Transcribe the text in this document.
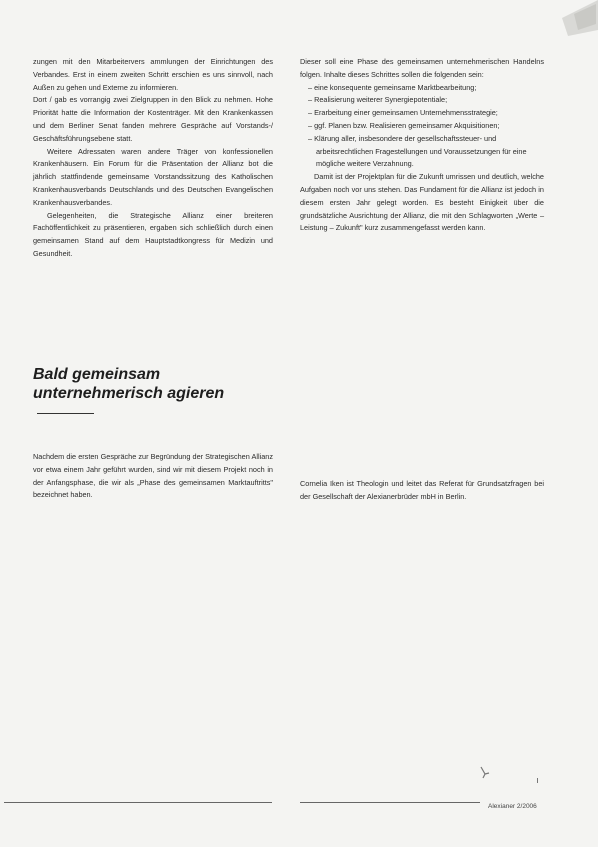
zungen mit den Mitarbeitervers ammlungen der Einrichtungen des Verbandes. Erst in einem zweiten Schritt erschien es uns sinnvoll, nach Außen zu gehen und Externe zu informieren.

Dort / gab es vorrangig zwei Zielgruppen in den Blick zu nehmen. Hohe Priorität hatte die Information der Kostenträger. Mit den Krankenkassen und dem Berliner Senat fanden mehrere Gespräche auf Vorstands-/ Geschäftsführungsebene statt.

Weitere Adressaten waren andere Träger von konfessionellen Krankenhäusern. Ein Forum für die Präsentation der Allianz bot die jährlich stattfindende gemeinsame Vorstandssitzung des Katholischen Krankenhausverbands Deutschlands und des Deutschen Evangelischen Krankenhausverbandes.

Gelegenheiten, die Strategische Allianz einer breiteren Fachöffentlichkeit zu präsentieren, ergaben sich schließlich durch einen gemeinsamen Stand auf dem Hauptstadtkongress für Medizin und Gesundheit.

Dieser soll eine Phase des gemeinsamen unternehmerischen Handelns folgen. Inhalte dieses Schrittes sollen die folgenden sein:

– eine konsequente gemeinsame Marktbearbeitung;
– Realisierung weiterer Synergiepotentiale;
– Erarbeitung einer gemeinsamen Unternehmensstrategie;
– ggf. Planen bzw. Realisieren gemeinsamer Akquisitionen;
– Klärung aller, insbesondere der gesellschaftssteuer- und arbeitsrechtlichen Fragestellungen und Voraussetzungen für eine mögliche weitere Verzahnung.

Damit ist der Projektplan für die Zukunft umrissen und deutlich, welche Aufgaben noch vor uns stehen. Das Fundament für die Allianz ist jedoch in diesem ersten Jahr gelegt worden. Es besteht Einigkeit über die grundsätzliche Ausrichtung der Allianz, die mit den Schlagworten „Werte – Leistung – Zukunft" kurz zusammengefasst werden kann.

Bald gemeinsam
unternehmerisch agieren

Nachdem die ersten Gespräche zur Begründung der Strategischen Allianz vor etwa einem Jahr geführt wurden, sind wir mit diesem Projekt noch in der Anfangsphase, die wir als „Phase des gemeinsamen Marktauftritts" bezeichnet haben.

Cornelia Iken ist Theologin und leitet das Referat für Grundsatzfragen bei der Gesellschaft der Alexianerbrüder mbH in Berlin.

Alexianer 2/2006
